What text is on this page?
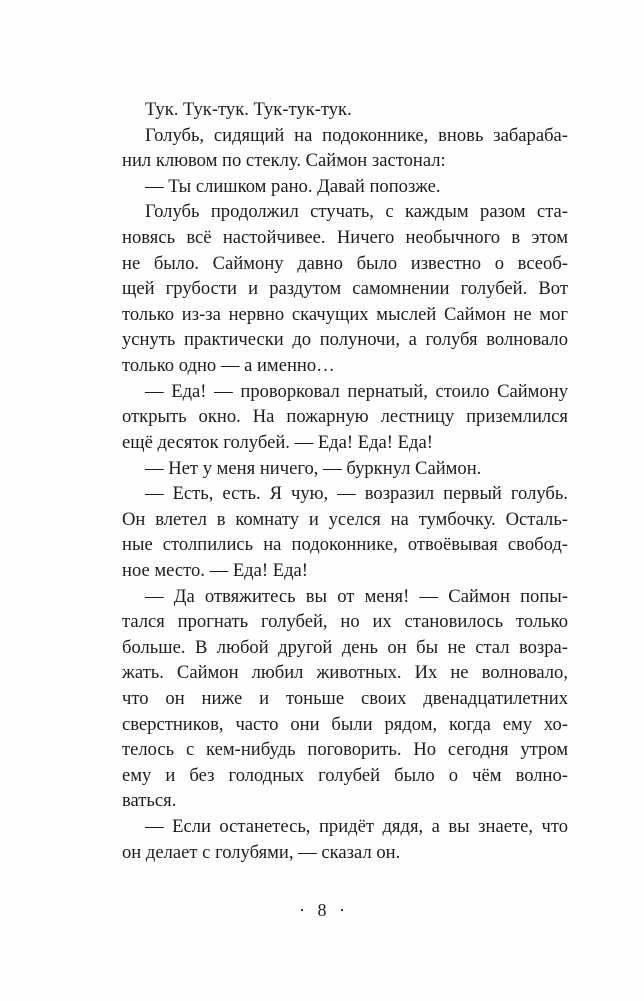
Тук. Тук-тук. Тук-тук-тук.
Голубь, сидящий на подоконнике, вновь забараба-
нил клювом по стеклу. Саймон застонал:
— Ты слишком рано. Давай попозже.
Голубь продолжил стучать, с каждым разом ста-
новясь всё настойчивее. Ничего необычного в этом
не было. Саймону давно было известно о всеоб-
щей грубости и раздутом самомнении голубей. Вот
только из-за нервно скачущих мыслей Саймон не мог
уснуть практически до полуночи, а голубя волновало
только одно — а именно…
— Еда! — проворковал пернатый, стоило Саймону
открыть окно. На пожарную лестницу приземлился
ещё десяток голубей. — Еда! Еда! Еда!
— Нет у меня ничего, — буркнул Саймон.
— Есть, есть. Я чую, — возразил первый голубь.
Он влетел в комнату и уселся на тумбочку. Осталь-
ные столпились на подоконнике, отвоёвывая свобод-
ное место. — Еда! Еда!
— Да отвяжитесь вы от меня! — Саймон попы-
тался прогнать голубей, но их становилось только
больше. В любой другой день он бы не стал возра-
жать. Саймон любил животных. Их не волновало,
что он ниже и тоньше своих двенадцатилетних
сверстников, часто они были рядом, когда ему хо-
телось с кем-нибудь поговорить. Но сегодня утром
ему и без голодных голубей было о чём волно-
ваться.
— Если останетесь, придёт дядя, а вы знаете, что
он делает с голубями, — сказал он.
· 8 ·
